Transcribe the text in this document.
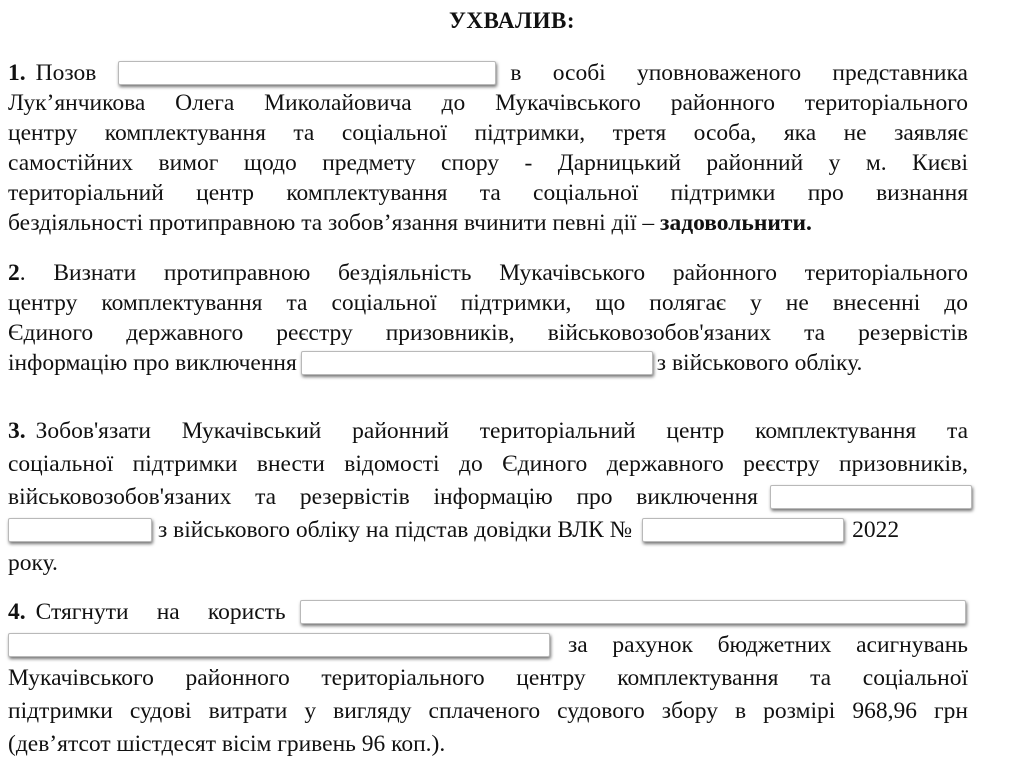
УХВАЛИВ:
1. Позов	в особі уповноваженого представника
Лук’янчикова Олега Миколайовича до Мукачівського районного територіального
центру комплектування та соціальної підтримки, третя особа, яка не заявляє
самостійних вимог щодо предмету спору - Дарницький районний у м. Києві
територіальний центр комплектування та соціальної підтримки про визнання
бездіяльності протиправною та зобов’язання вчинити певні дії – задовольнити.
2 . Визнати протиправною бездіяльність Мукачівського районного територіального
центру комплектування та соціальної підтримки, що полягає у не внесенні до
Єдиного державного реєстру призовників, військовозобов'язаних та резервістів
інформацію про виключення	з військового обліку.
3. Зобов'язати Мукачівський районний територіальний центр комплектування та
соціальної підтримки внести відомості до Єдиного державного реєстру призовників,
військовозобов'язаних та резервістів інформацію про виключення
з військового обліку на підстав довідки ВЛК №	2022
року.
4. Стягнути на користь
за рахунок бюджетних асигнувань
Мукачівського районного територіального центру комплектування та соціальної
підтримки судові витрати у вигляду сплаченого судового збору в розмірі 968,96 грн
(дев’ятсот шістдесят вісім гривень 96 коп.).
